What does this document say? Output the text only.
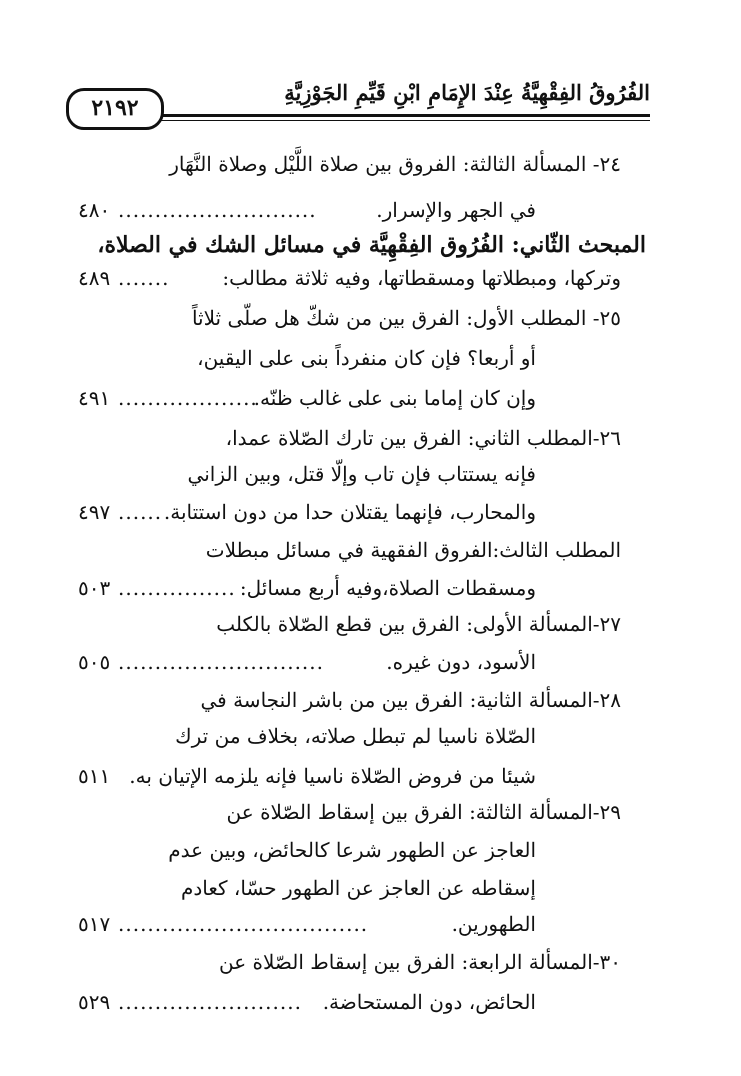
الفُرُوقُ الفِقْهِيَّةُ عِنْدَ الإِمَامِ ابْنِ قَيِّمِ الجَوْزِيَّةِ
٢١٩٢
٢٤- المسألة الثالثة: الفروق بين صلاة اللَّيْل وصلاة النَّهَار
في الجهر والإسرار.
...........................
٤٨٠
المبحث الثّاني: الفُرُوق الفِقْهِيَّة في مسائل الشك في الصلاة،
وتركها، ومبطلاتها ومسقطاتها، وفيه ثلاثة مطالب:
.......
٤٨٩
٢٥- المطلب الأول: الفرق بين من شكّ هل صلّى ثلاثاً
أو أربعا؟ فإن كان منفرداً بنى على اليقين،
وإن كان إماما بنى على غالب ظنّه.
...................
٤٩١
٢٦-المطلب الثاني: الفرق بين تارك الصّلاة عمدا،
فإنه يستتاب فإن تاب وإلّا قتل، وبين الزاني
والمحارب، فإنهما يقتلان حدا من دون استتابة.
......
٤٩٧
المطلب الثالث:الفروق الفقهية في مسائل مبطلات
ومسقطات الصلاة،وفيه أربع مسائل:
................
٥٠٣
٢٧-المسألة الأولى: الفرق بين قطع الصّلاة بالكلب
الأسود، دون غيره.
............................
٥٠٥
٢٨-المسألة الثانية: الفرق بين من باشر النجاسة في
الصّلاة ناسيا لم تبطل صلاته، بخلاف من ترك
شيئا من فروض الصّلاة ناسيا فإنه يلزمه الإتيان به.
٥١١
٢٩-المسألة الثالثة: الفرق بين إسقاط الصّلاة عن
العاجز عن الطهور شرعا كالحائض، وبين عدم
إسقاطه عن العاجز عن الطهور حسّا، كعادم
الطهورين.
..................................
٥١٧
٣٠-المسألة الرابعة: الفرق بين إسقاط الصّلاة عن
الحائض، دون المستحاضة.
.........................
٥٢٩
